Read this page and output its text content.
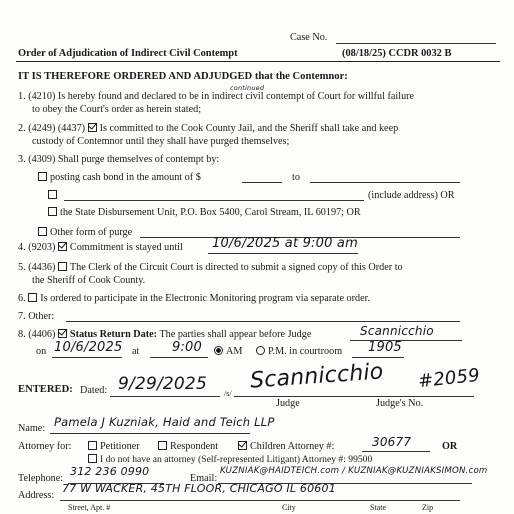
Case No.
Order of Adjudication of Indirect Civil Contempt	(08/18/25) CCDR 0032 B
IT IS THEREFORE ORDERED AND ADJUDGED that the Contemnor:
continued
1. (4210) Is hereby found and declared to be in indirect civil contempt of Court for willful failure
to obey the Court's order as herein stated;
2. (4249) (4437) Is committed to the Cook County Jail, and the Sheriff shall take and keep
custody of Contemnor until they shall have purged themselves;
3. (4309) Shall purge themselves of contempt by:
posting cash bond in the amount of $	to
(include address) OR
the State Disbursement Unit, P.O. Box 5400, Carol Stream, IL 60197; OR
Other form of purge
4. (9203) Commitment is stayed until 10/6/2025 at 9:00 am
5. (4436) The Clerk of the Circuit Court is directed to submit a signed copy of this Order to
the Sheriff of Cook County.
6. Is ordered to participate in the Electronic Monitoring program via separate order.
7. Other:
8. (4406) Status Return Date: The parties shall appear before Judge	Scannicchio
on 10/6/2025 at	9:00	AM	P.M. in courtroom 1905
ENTERED: Dated: 9/29/2025 /s/ Scannicchio #2059
Judge	Judge's No.
Name: Pamela J Kuzniak, Haid and Teich LLP
Attorney for:	Petitioner	Respondent	Children Attorney #:	30677	OR
I do not have an attorney (Self-represented Litigant) Attorney #: 99500
Telephone:
312 236 0990
Email:
KUZNIAK@HAIDTEICH.com / KUZNIAK@KUZNIAKSIMON.com
Address:
77 W WACKER, 45TH FLOOR, CHICAGO IL 60601
Street, Apt. #	City	State	Zip
